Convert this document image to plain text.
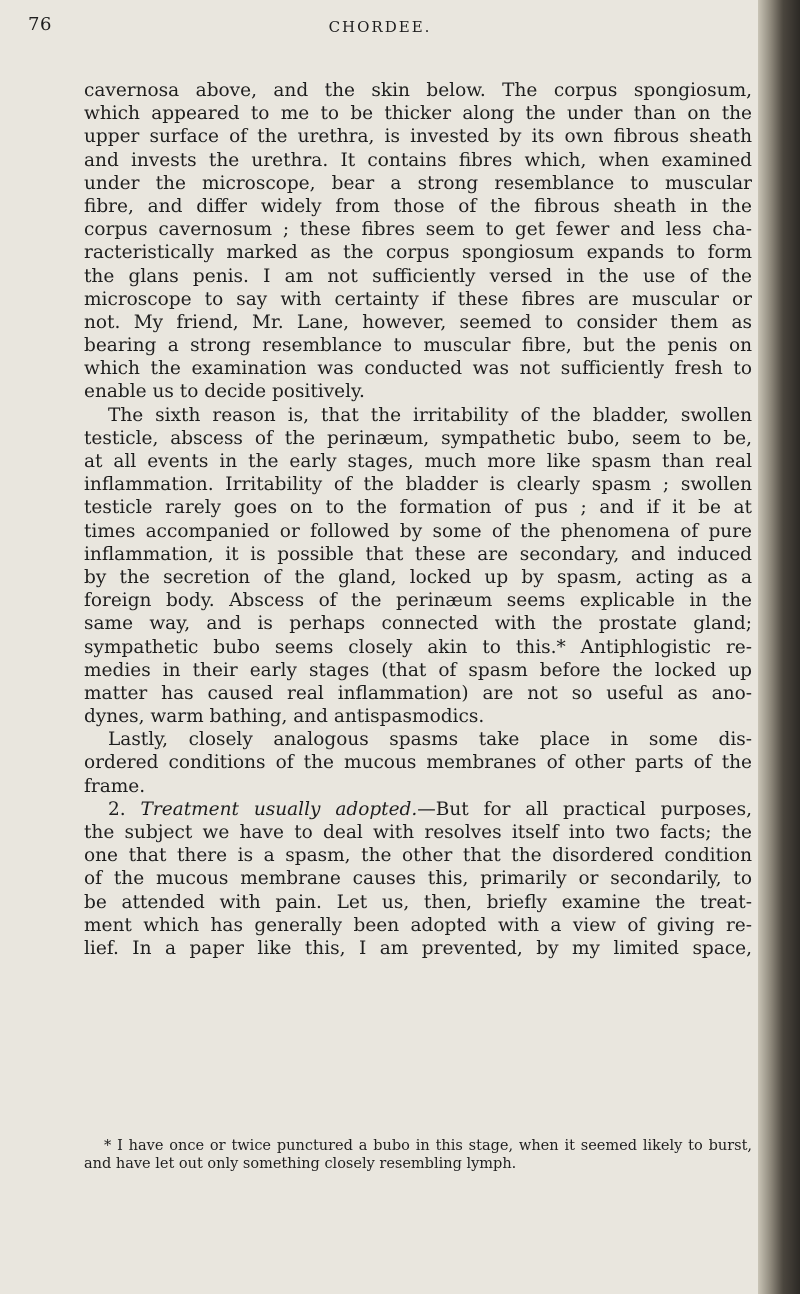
76	CHORDEE.
cavernosa above, and the skin below. The corpus spongiosum,
which appeared to me to be thicker along the under than on the
upper surface of the urethra, is invested by its own fibrous sheath
and invests the urethra. It contains fibres which, when examined
under the microscope, bear a strong resemblance to muscular
fibre, and differ widely from those of the fibrous sheath in the
corpus cavernosum ; these fibres seem to get fewer and less cha-
racteristically marked as the corpus spongiosum expands to form
the glans penis. I am not sufficiently versed in the use of the
microscope to say with certainty if these fibres are muscular or
not. My friend, Mr. Lane, however, seemed to consider them as
bearing a strong resemblance to muscular fibre, but the penis on
which the examination was conducted was not sufficiently fresh to
enable us to decide positively.
The sixth reason is, that the irritability of the bladder, swollen
testicle, abscess of the perinæum, sympathetic bubo, seem to be,
at all events in the early stages, much more like spasm than real
inflammation. Irritability of the bladder is clearly spasm ; swollen
testicle rarely goes on to the formation of pus ; and if it be at
times accompanied or followed by some of the phenomena of pure
inflammation, it is possible that these are secondary, and induced
by the secretion of the gland, locked up by spasm, acting as a
foreign body. Abscess of the perinæum seems explicable in the
same way, and is perhaps connected with the prostate gland;
sympathetic bubo seems closely akin to this.* Antiphlogistic re-
medies in their early stages (that of spasm before the locked up
matter has caused real inflammation) are not so useful as ano-
dynes, warm bathing, and antispasmodics.
Lastly, closely analogous spasms take place in some dis-
ordered conditions of the mucous membranes of other parts of the
frame.
2. Treatment usually adopted.—But for all practical purposes,
the subject we have to deal with resolves itself into two facts; the
one that there is a spasm, the other that the disordered condition
of the mucous membrane causes this, primarily or secondarily, to
be attended with pain. Let us, then, briefly examine the treat-
ment which has generally been adopted with a view of giving re-
lief. In a paper like this, I am prevented, by my limited space,
* I have once or twice punctured a bubo in this stage, when it seemed likely to burst,
and have let out only something closely resembling lymph.
